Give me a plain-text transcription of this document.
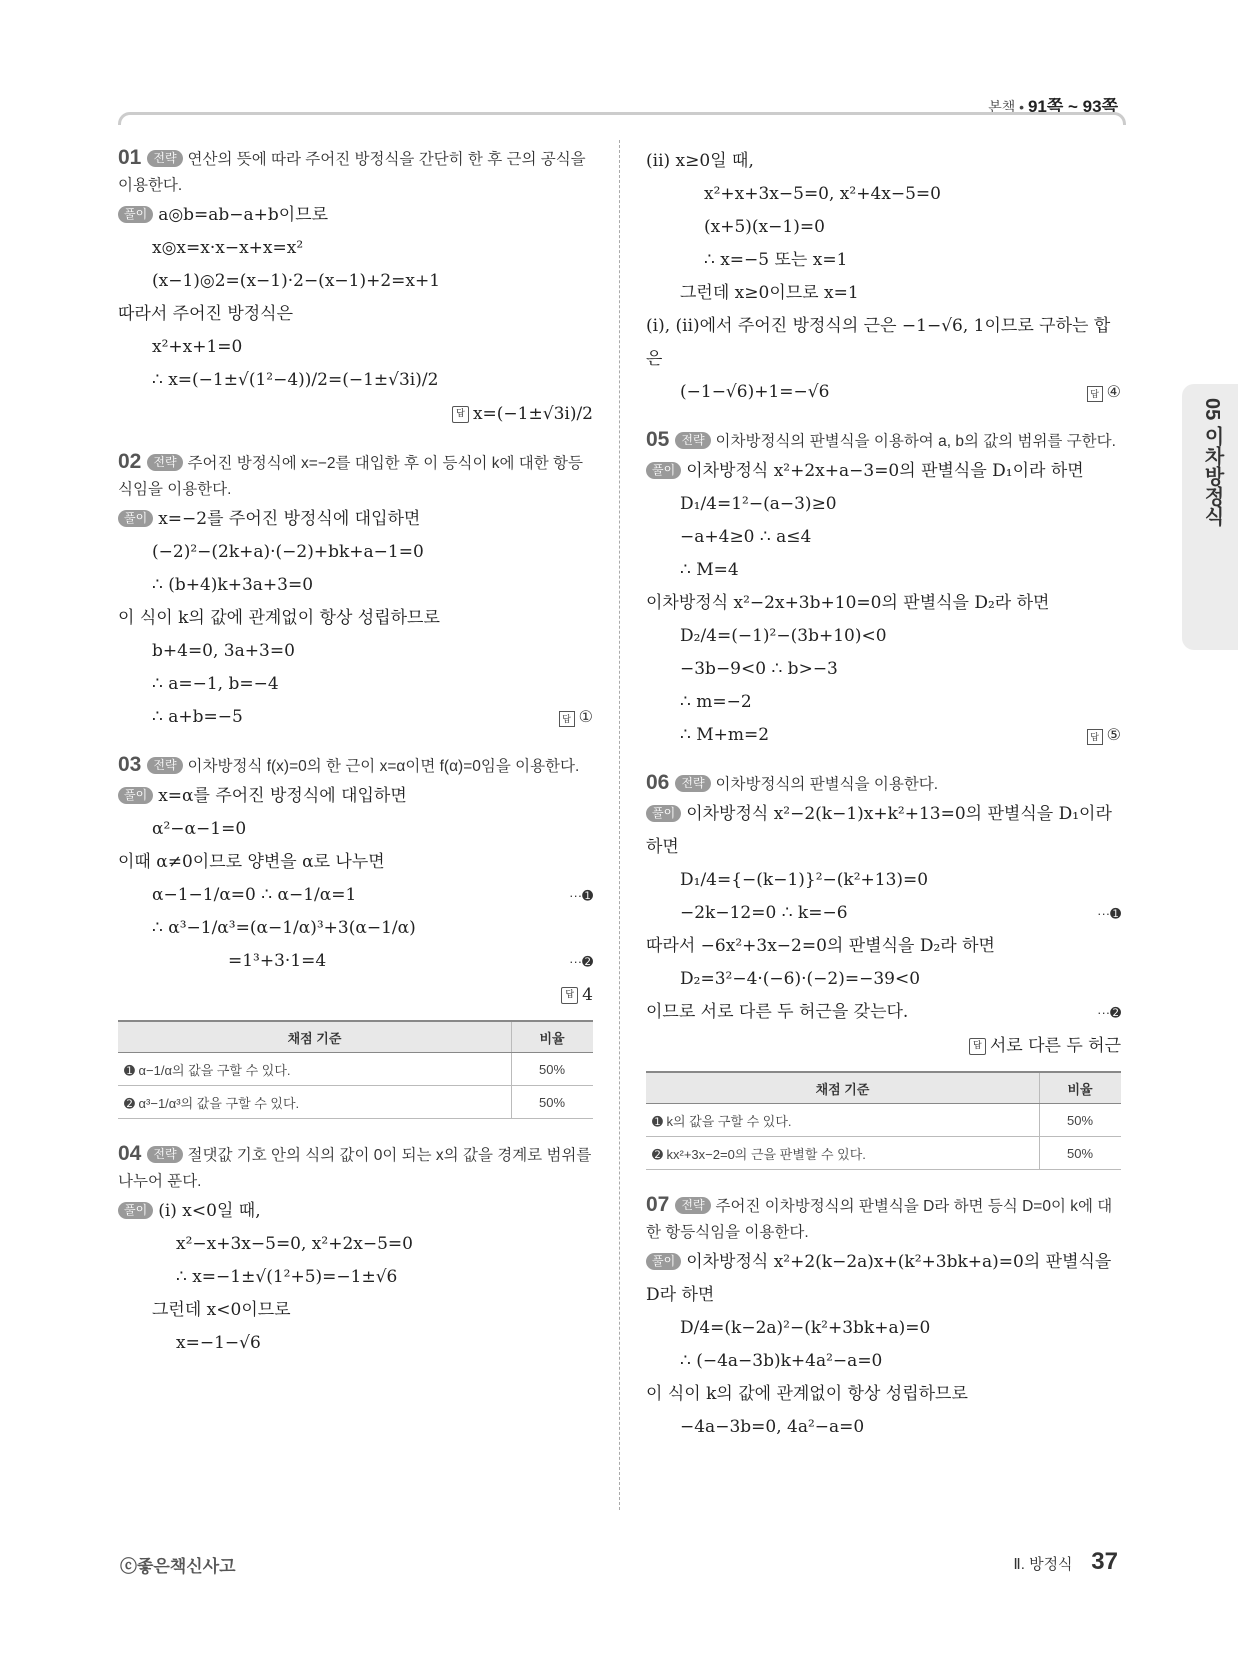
본책 • 91쪽 ~ 93쪽
05 이차방정식
01 전략 연산의 뜻에 따라 주어진 방정식을 간단히 한 후 근의 공식을 이용한다.
풀이 a◎b=ab−a+b이므로
x◎x=x·x−x+x=x²
(x−1)◎2=(x−1)·2−(x−1)+2=x+1
따라서 주어진 방정식은
x²+x+1=0
∴ x=(−1±√(1²−4))/2=(−1±√3i)/2
답 x=(−1±√3i)/2
02 전략 주어진 방정식에 x=−2를 대입한 후 이 등식이 k에 대한 항등식임을 이용한다.
풀이 x=−2를 주어진 방정식에 대입하면
(−2)²−(2k+a)·(−2)+bk+a−1=0
∴ (b+4)k+3a+3=0
이 식이 k의 값에 관계없이 항상 성립하므로
b+4=0, 3a+3=0
∴ a=−1, b=−4
∴ a+b=−5	답 ①
03 전략 이차방정식 f(x)=0의 한 근이 x=α이면 f(α)=0임을 이용한다.
풀이 x=α를 주어진 방정식에 대입하면
α²−α−1=0
이때 α≠0이므로 양변을 α로 나누면
α−1−1/α=0 ∴ α−1/α=1	···➊
∴ α³−1/α³=(α−1/α)³+3(α−1/α)
=1³+3·1=4	···➋
답 4
채점 기준	비율
➊ α−1/α의 값을 구할 수 있다.	50%
➋ α³−1/α³의 값을 구할 수 있다.	50%
04 전략 절댓값 기호 안의 식의 값이 0이 되는 x의 값을 경계로 범위를 나누어 푼다.
풀이 (i) x<0일 때,
x²−x+3x−5=0, x²+2x−5=0
∴ x=−1±√(1²+5)=−1±√6
그런데 x<0이므로
x=−1−√6
(ii) x≥0일 때,
x²+x+3x−5=0, x²+4x−5=0
(x+5)(x−1)=0
∴ x=−5 또는 x=1
그런데 x≥0이므로 x=1
(i), (ii)에서 주어진 방정식의 근은 −1−√6, 1이므로 구하는 합은
(−1−√6)+1=−√6	답 ④
05 전략 이차방정식의 판별식을 이용하여 a, b의 값의 범위를 구한다.
풀이 이차방정식 x²+2x+a−3=0의 판별식을 D₁이라 하면
D₁/4=1²−(a−3)≥0
−a+4≥0 ∴ a≤4
∴ M=4
이차방정식 x²−2x+3b+10=0의 판별식을 D₂라 하면
D₂/4=(−1)²−(3b+10)<0
−3b−9<0 ∴ b>−3
∴ m=−2
∴ M+m=2	답 ⑤
06 전략 이차방정식의 판별식을 이용한다.
풀이 이차방정식 x²−2(k−1)x+k²+13=0의 판별식을 D₁이라 하면
D₁/4={−(k−1)}²−(k²+13)=0
−2k−12=0 ∴ k=−6	···➊
따라서 −6x²+3x−2=0의 판별식을 D₂라 하면
D₂=3²−4·(−6)·(−2)=−39<0
이므로 서로 다른 두 허근을 갖는다.	···➋
답 서로 다른 두 허근
채점 기준	비율
➊ k의 값을 구할 수 있다.	50%
➋ kx²+3x−2=0의 근을 판별할 수 있다.	50%
07 전략 주어진 이차방정식의 판별식을 D라 하면 등식 D=0이 k에 대한 항등식임을 이용한다.
풀이 이차방정식 x²+2(k−2a)x+(k²+3bk+a)=0의 판별식을 D라 하면
D/4=(k−2a)²−(k²+3bk+a)=0
∴ (−4a−3b)k+4a²−a=0
이 식이 k의 값에 관계없이 항상 성립하므로
−4a−3b=0, 4a²−a=0
ⓒ좋은책신사고	Ⅱ. 방정식 37
